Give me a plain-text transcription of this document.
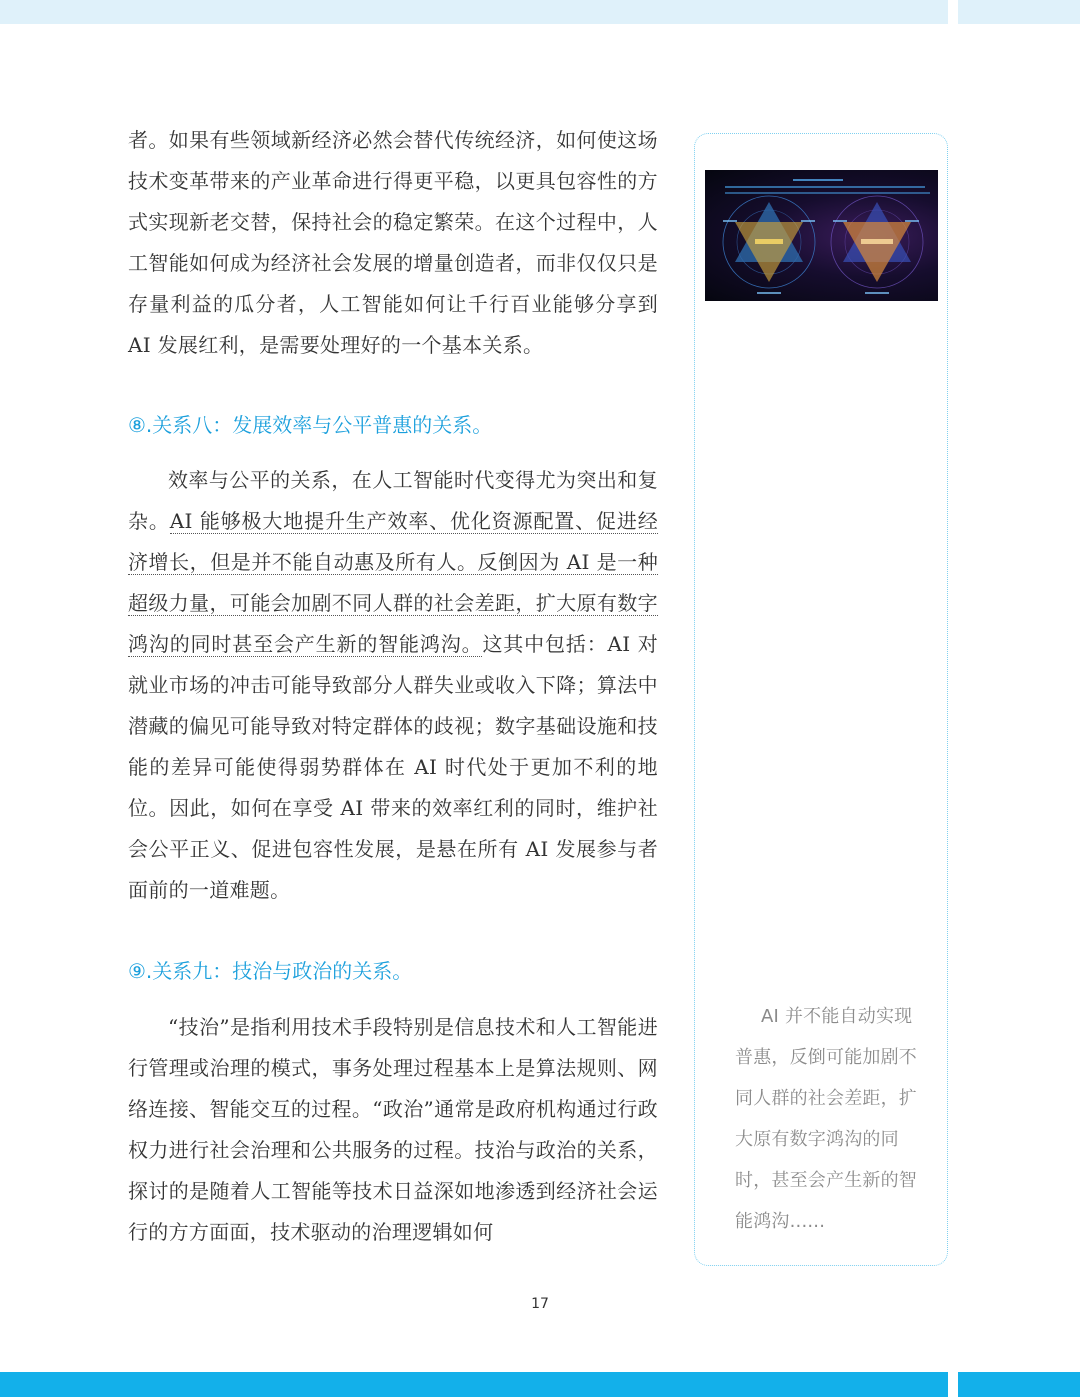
者。如果有些领域新经济必然会替代传统经济，如何使这场技术变革带来的产业革命进行得更平稳，以更具包容性的方式实现新老交替，保持社会的稳定繁荣。在这个过程中，人工智能如何成为经济社会发展的增量创造者，而非仅仅只是存量利益的瓜分者，人工智能如何让千行百业能够分享到 AI 发展红利，是需要处理好的一个基本关系。

⑧.关系八：发展效率与公平普惠的关系。

效率与公平的关系，在人工智能时代变得尤为突出和复杂。AI 能够极大地提升生产效率、优化资源配置、促进经济增长，但是并不能自动惠及所有人。反倒因为 AI 是一种超级力量，可能会加剧不同人群的社会差距，扩大原有数字鸿沟的同时甚至会产生新的智能鸿沟。这其中包括：AI 对就业市场的冲击可能导致部分人群失业或收入下降；算法中潜藏的偏见可能导致对特定群体的歧视；数字基础设施和技能的差异可能使得弱势群体在 AI 时代处于更加不利的地位。因此，如何在享受 AI 带来的效率红利的同时，维护社会公平正义、促进包容性发展，是悬在所有 AI 发展参与者面前的一道难题。

⑨.关系九：技治与政治的关系。

“技治”是指利用技术手段特别是信息技术和人工智能进行管理或治理的模式，事务处理过程基本上是算法规则、网络连接、智能交互的过程。“政治”通常是政府机构通过行政权力进行社会治理和公共服务的过程。技治与政治的关系，探讨的是随着人工智能等技术日益深如地渗透到经济社会运行的方方面面，技术驱动的治理逻辑如何

AI 并不能自动实现普惠，反倒可能加剧不同人群的社会差距，扩大原有数字鸿沟的同时，甚至会产生新的智能鸿沟......
17
